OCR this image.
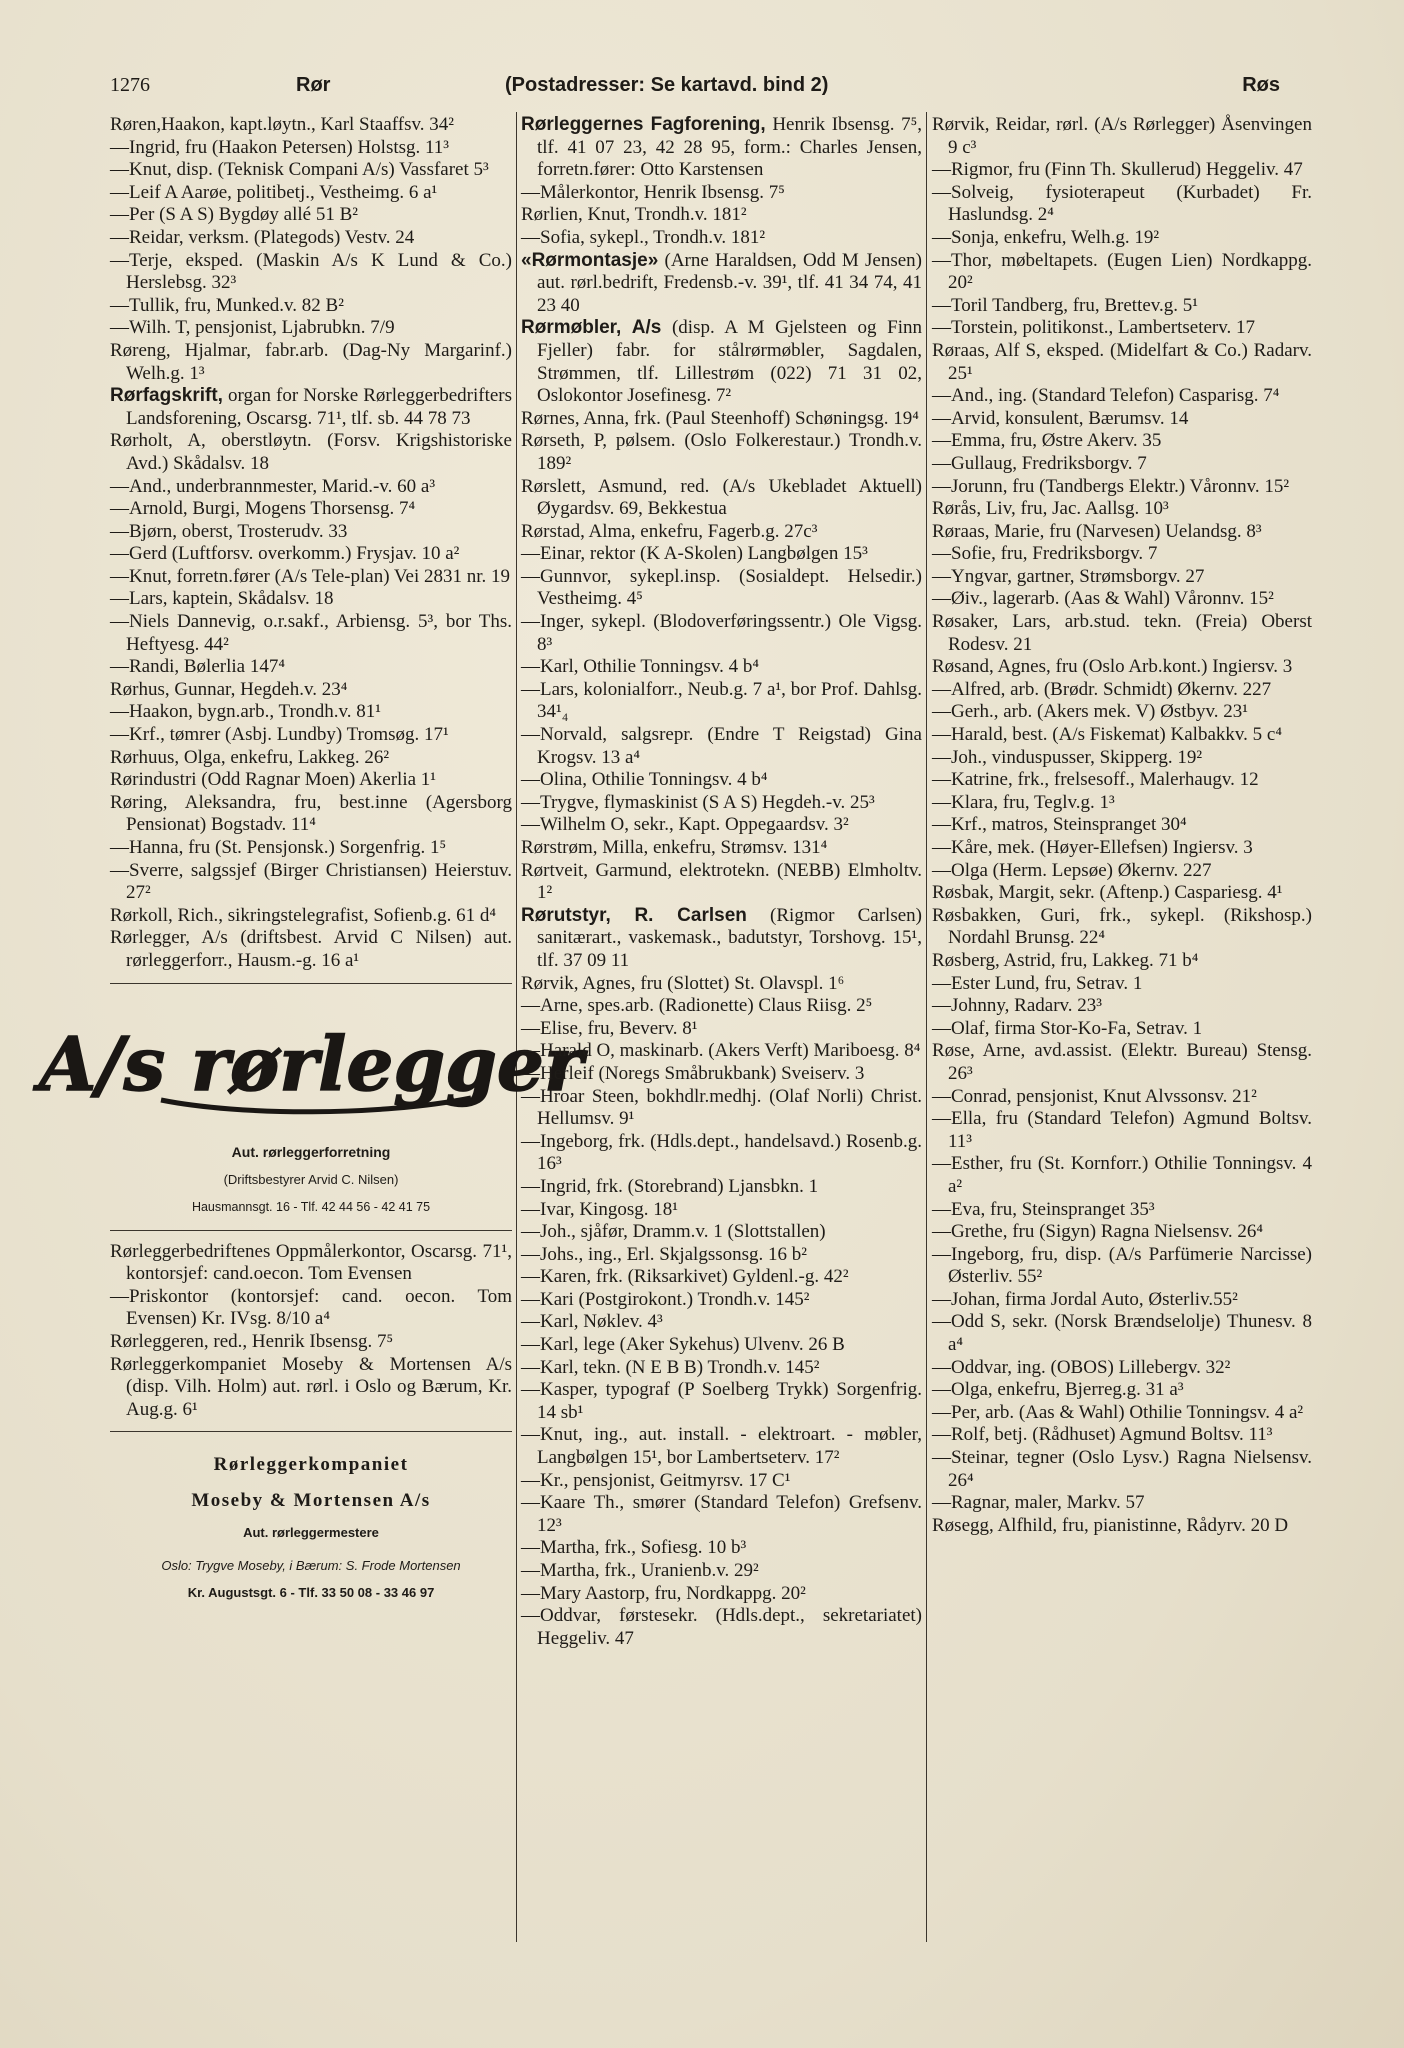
1276	Rør	(Postadresser: Se kartavd. bind 2)	Røs

Røren,Haakon, kapt.løytn., Karl Staaffsv. 34²

—Ingrid, fru (Haakon Petersen) Holstsg. 11³

—Knut, disp. (Teknisk Compani A/s) Vassfaret 5³

—Leif A Aarøe, politibetj., Vestheimg. 6 a¹

—Per (S A S) Bygdøy allé 51 B²

—Reidar, verksm. (Plategods) Vestv. 24

—Terje, eksped. (Maskin A/s K Lund & Co.) Herslebsg. 32³

—Tullik, fru, Munked.v. 82 B²

—Wilh. T, pensjonist, Ljabrubkn. 7/9

Røreng, Hjalmar, fabr.arb. (Dag-Ny Margarinf.) Welh.g. 1³

Rørfagskrift, organ for Norske Rørleggerbedrifters Landsforening, Oscarsg. 71¹, tlf. sb. 44 78 73

Rørholt, A, oberstløytn. (Forsv. Krigshistoriske Avd.) Skådalsv. 18

—And., underbrannmester, Marid.-v. 60 a³

—Arnold, Burgi, Mogens Thorsensg. 7⁴

—Bjørn, oberst, Trosterudv. 33

—Gerd (Luftforsv. overkomm.) Frysjav. 10 a²

—Knut, forretn.fører (A/s Tele-plan) Vei 2831 nr. 19

—Lars, kaptein, Skådalsv. 18

—Niels Dannevig, o.r.sakf., Arbiensg. 5³, bor Ths. Heftyesg. 44²

—Randi, Bølerlia 147⁴

Rørhus, Gunnar, Hegdeh.v. 23⁴

—Haakon, bygn.arb., Trondh.v. 81¹

—Krf., tømrer (Asbj. Lundby) Tromsøg. 17¹

Rørhuus, Olga, enkefru, Lakkeg. 26²

Rørindustri (Odd Ragnar Moen) Akerlia 1¹

Røring, Aleksandra, fru, best.inne (Agersborg Pensionat) Bogstadv. 11⁴

—Hanna, fru (St. Pensjonsk.) Sorgenfrig. 1⁵

—Sverre, salgssjef (Birger Christiansen) Heierstuv. 27²

Rørkoll, Rich., sikringstelegrafist, Sofienb.g. 61 d⁴

Rørlegger, A/s (driftsbest. Arvid C Nilsen) aut. rørleggerforr., Hausm.-g. 16 a¹

A/s rørlegger

Aut. rørleggerforretning

(Driftsbestyrer Arvid C. Nilsen)

Hausmannsgt. 16 - Tlf. 42 44 56 - 42 41 75

Rørleggerbedriftenes Oppmålerkontor, Oscarsg. 71¹, kontorsjef: cand.oecon. Tom Evensen

—Priskontor (kontorsjef: cand. oecon. Tom Evensen) Kr. IVsg. 8/10 a⁴

Rørleggeren, red., Henrik Ibsensg. 7⁵

Rørleggerkompaniet Moseby & Mortensen A/s (disp. Vilh. Holm) aut. rørl. i Oslo og Bærum, Kr. Aug.g. 6¹

Rørleggerkompaniet

Moseby & Mortensen A/s

Aut. rørleggermestere

Oslo: Trygve Moseby, i Bærum: S. Frode Mortensen

Kr. Augustsgt. 6 - Tlf. 33 50 08 - 33 46 97

Rørleggernes Fagforening, Henrik Ibsensg. 7⁵, tlf. 41 07 23, 42 28 95, form.: Charles Jensen, forretn.fører: Otto Karstensen

—Målerkontor, Henrik Ibsensg. 7⁵

Rørlien, Knut, Trondh.v. 181²

—Sofia, sykepl., Trondh.v. 181²

«Rørmontasje» (Arne Haraldsen, Odd M Jensen) aut. rørl.bedrift, Fredensb.-v. 39¹, tlf. 41 34 74, 41 23 40

Rørmøbler, A/s (disp. A M Gjelsteen og Finn Fjeller) fabr. for stålrørmøbler, Sagdalen, Strømmen, tlf. Lillestrøm (022) 71 31 02, Oslokontor Josefinesg. 7²

Rørnes, Anna, frk. (Paul Steenhoff) Schøningsg. 19⁴

Rørseth, P, pølsem. (Oslo Folkerestaur.) Trondh.v. 189²

Rørslett, Asmund, red. (A/s Ukebladet Aktuell) Øygardsv. 69, Bekkestua

Rørstad, Alma, enkefru, Fagerb.g. 27c³

—Einar, rektor (K A-Skolen) Langbølgen 15³

—Gunnvor, sykepl.insp. (Sosialdept. Helsedir.) Vestheimg. 4⁵

—Inger, sykepl. (Blodoverføringssentr.) Ole Vigsg. 8³

—Karl, Othilie Tonningsv. 4 b⁴

—Lars, kolonialforr., Neub.g. 7 a¹, bor Prof. Dahlsg. 34¹₄

—Norvald, salgsrepr. (Endre T Reigstad) Gina Krogsv. 13 a⁴

—Olina, Othilie Tonningsv. 4 b⁴

—Trygve, flymaskinist (S A S) Hegdeh.-v. 25³

—Wilhelm O, sekr., Kapt. Oppegaardsv. 3²

Rørstrøm, Milla, enkefru, Strømsv. 131⁴

Rørtveit, Garmund, elektrotekn. (NEBB) Elmholtv. 1²

Rørutstyr, R. Carlsen (Rigmor Carlsen) sanitærart., vaskemask., badutstyr, Torshovg. 15¹, tlf. 37 09 11

Rørvik, Agnes, fru (Slottet) St. Olavspl. 1⁶

—Arne, spes.arb. (Radionette) Claus Riisg. 2⁵

—Elise, fru, Beverv. 8¹

—Harald O, maskinarb. (Akers Verft) Mariboesg. 8⁴

—Herleif (Noregs Småbrukbank) Sveiserv. 3

—Hroar Steen, bokhdlr.medhj. (Olaf Norli) Christ. Hellumsv. 9¹

—Ingeborg, frk. (Hdls.dept., handelsavd.) Rosenb.g. 16³

—Ingrid, frk. (Storebrand) Ljansbkn. 1

—Ivar, Kingosg. 18¹

—Joh., sjåfør, Dramm.v. 1 (Slottstallen)

—Johs., ing., Erl. Skjalgssonsg. 16 b²

—Karen, frk. (Riksarkivet) Gyldenl.-g. 42²

—Kari (Postgirokont.) Trondh.v. 145²

—Karl, Nøklev. 4³

—Karl, lege (Aker Sykehus) Ulvenv. 26 B

—Karl, tekn. (N E B B) Trondh.v. 145²

—Kasper, typograf (P Soelberg Trykk) Sorgenfrig. 14 sb¹

—Knut, ing., aut. install. - elektroart. - møbler, Langbølgen 15¹, bor Lambertseterv. 17²

—Kr., pensjonist, Geitmyrsv. 17 C¹

—Kaare Th., smører (Standard Telefon) Grefsenv. 12³

—Martha, frk., Sofiesg. 10 b³

—Martha, frk., Uranienb.v. 29²

—Mary Aastorp, fru, Nordkappg. 20²

—Oddvar, førstesekr. (Hdls.dept., sekretariatet) Heggeliv. 47

Rørvik, Reidar, rørl. (A/s Rørlegger) Åsenvingen 9 c³

—Rigmor, fru (Finn Th. Skullerud) Heggeliv. 47

—Solveig, fysioterapeut (Kurbadet) Fr. Haslundsg. 2⁴

—Sonja, enkefru, Welh.g. 19²

—Thor, møbeltapets. (Eugen Lien) Nordkappg. 20²

—Toril Tandberg, fru, Brettev.g. 5¹

—Torstein, politikonst., Lambertseterv. 17

Røraas, Alf S, eksped. (Midelfart & Co.) Radarv. 25¹

—And., ing. (Standard Telefon) Casparisg. 7⁴

—Arvid, konsulent, Bærumsv. 14

—Emma, fru, Østre Akerv. 35

—Gullaug, Fredriksborgv. 7

—Jorunn, fru (Tandbergs Elektr.) Våronnv. 15²

Rørås, Liv, fru, Jac. Aallsg. 10³

Røraas, Marie, fru (Narvesen) Uelandsg. 8³

—Sofie, fru, Fredriksborgv. 7

—Yngvar, gartner, Strømsborgv. 27

—Øiv., lagerarb. (Aas & Wahl) Våronnv. 15²

Røsaker, Lars, arb.stud. tekn. (Freia) Oberst Rodesv. 21

Røsand, Agnes, fru (Oslo Arb.kont.) Ingiersv. 3

—Alfred, arb. (Brødr. Schmidt) Økernv. 227

—Gerh., arb. (Akers mek. V) Østbyv. 23¹

—Harald, best. (A/s Fiskemat) Kalbakkv. 5 c⁴

—Joh., vinduspusser, Skipperg. 19²

—Katrine, frk., frelsesoff., Malerhaugv. 12

—Klara, fru, Teglv.g. 1³

—Krf., matros, Steinspranget 30⁴

—Kåre, mek. (Høyer-Ellefsen) Ingiersv. 3

—Olga (Herm. Lepsøe) Økernv. 227

Røsbak, Margit, sekr. (Aftenp.) Caspariesg. 4¹

Røsbakken, Guri, frk., sykepl. (Rikshosp.) Nordahl Brunsg. 22⁴

Røsberg, Astrid, fru, Lakkeg. 71 b⁴

—Ester Lund, fru, Setrav. 1

—Johnny, Radarv. 23³

—Olaf, firma Stor-Ko-Fa, Setrav. 1

Røse, Arne, avd.assist. (Elektr. Bureau) Stensg. 26³

—Conrad, pensjonist, Knut Alvssonsv. 21²

—Ella, fru (Standard Telefon) Agmund Boltsv. 11³

—Esther, fru (St. Kornforr.) Othilie Tonningsv. 4 a²

—Eva, fru, Steinspranget 35³

—Grethe, fru (Sigyn) Ragna Nielsensv. 26⁴

—Ingeborg, fru, disp. (A/s Parfümerie Narcisse) Østerliv. 55²

—Johan, firma Jordal Auto, Østerliv.55²

—Odd S, sekr. (Norsk Brændselolje) Thunesv. 8 a⁴

—Oddvar, ing. (OBOS) Lillebergv. 32²

—Olga, enkefru, Bjerreg.g. 31 a³

—Per, arb. (Aas & Wahl) Othilie Tonningsv. 4 a²

—Rolf, betj. (Rådhuset) Agmund Boltsv. 11³

—Steinar, tegner (Oslo Lysv.) Ragna Nielsensv. 26⁴

—Ragnar, maler, Markv. 57

Røsegg, Alfhild, fru, pianistinne, Rådyrv. 20 D
